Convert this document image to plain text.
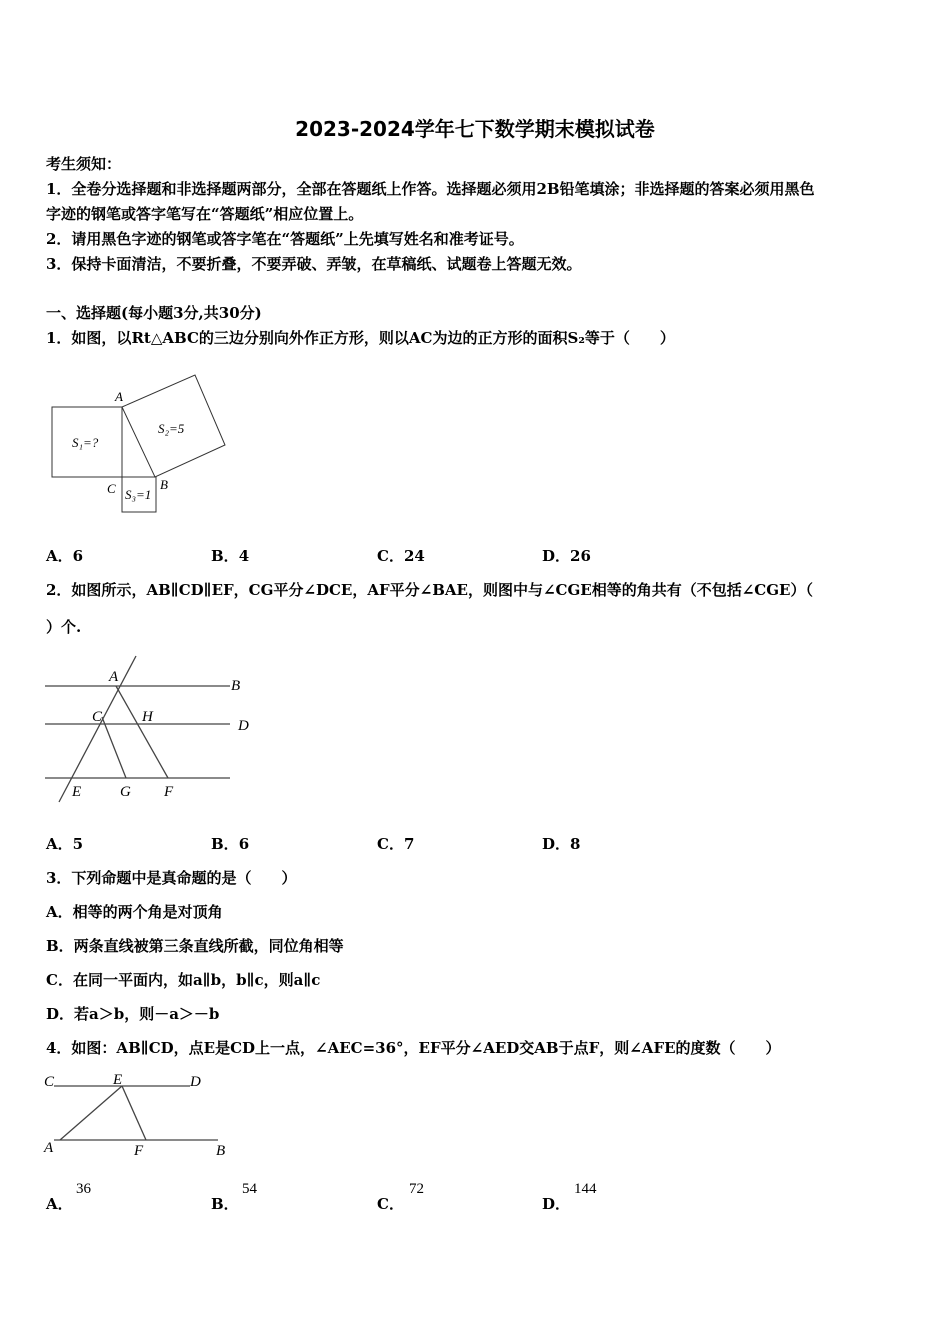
2023-2024学年七下数学期末模拟试卷
考生须知：
1．全卷分选择题和非选择题两部分，全部在答题纸上作答。选择题必须用2B铅笔填涂；非选择题的答案必须用黑色
字迹的钢笔或答字笔写在“答题纸”相应位置上。
2．请用黑色字迹的钢笔或答字笔在“答题纸”上先填写姓名和准考证号。
3．保持卡面清洁，不要折叠，不要弄破、弄皱，在草稿纸、试题卷上答题无效。
一、选择题(每小题3分,共30分)
1．如图，以Rt△ABC的三边分别向外作正方形，则以AC为边的正方形的面积S₂等于（　　）
A
B
C
S₁=?
S₂=5
S₃=1
A．6	B．4	C．24	D．26
2．如图所示，AB∥CD∥EF，CG平分∠DCE，AF平分∠BAE，则图中与∠CGE相等的角共有（不包括∠CGE）（
）个.
A
B
C	H
D
E	G F
A．5	B．6	C．7	D．8
3．下列命题中是真命题的是（　　）
A．相等的两个角是对顶角
B．两条直线被第三条直线所截，同位角相等
C．在同一平面内，如a∥b，b∥c，则a∥c
D．若a＞b，则－a＞－b
4．如图：AB∥CD，点E是CD上一点，∠AEC=36°，EF平分∠AED交AB于点F，则∠AFE的度数（　　）
C	E	D
A	F	B
A．
36
B．
54
C．
72
D．
144
